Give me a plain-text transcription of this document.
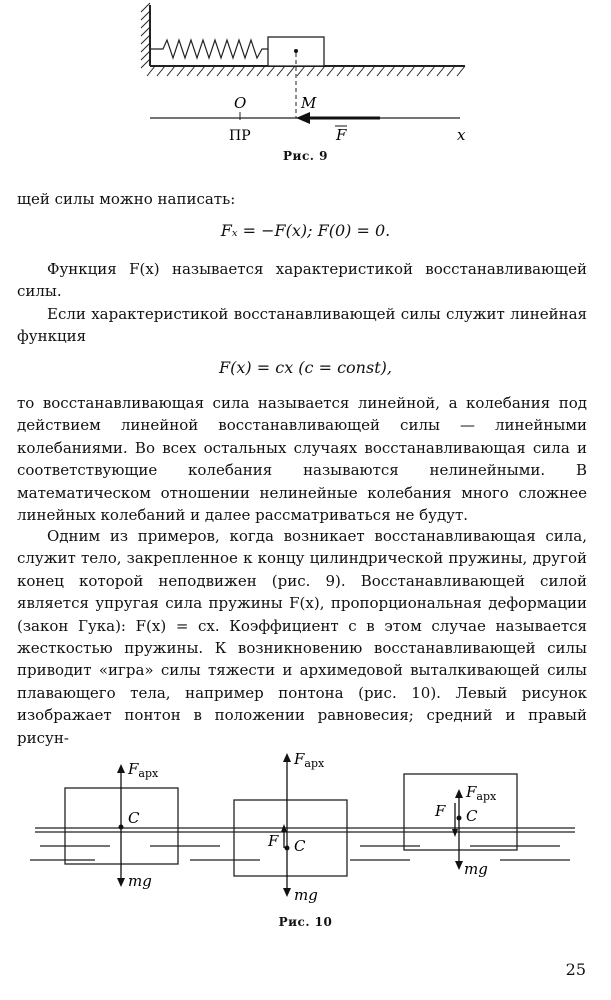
O	M
ПР	F	x
Рис. 9
щей силы можно написать:
Fₓ = −F(x); F(0) = 0.
Функция F(x) называется характеристикой восстанавливающей силы.
Если характеристикой восстанавливающей силы служит линейная функция
F(x) = cx (c = const),
то восстанавливающая сила называется линейной, а колебания под действием линейной восстанавливающей силы — линейными колебаниями. Во всех остальных случаях восстанавливающая сила и соответствующие колебания называются нелинейными. В математическом отношении нелинейные колебания много сложнее линейных колебаний и далее рассматриваться не будут.
Одним из примеров, когда возникает восстанавливающая сила, служит тело, закрепленное к концу цилиндрической пружины, другой конец которой неподвижен (рис. 9). Восстанавливающей силой является упругая сила пружины F(x), пропорциональная деформации (закон Гука): F(x) = cx. Коэффициент c в этом случае называется жесткостью пружины. К возникновению восстанавливающей силы приводит «игра» силы тяжести и архимедовой выталкивающей силы плавающего тела, например понтона (рис. 10). Левый рисунок изображает понтон в положении равновесия; средний и правый рисун-
$F_{арх}$
C
mg
$F_{арх}$
F C
mg
$F_{арх}$
F C
mg
Рис. 10
25
